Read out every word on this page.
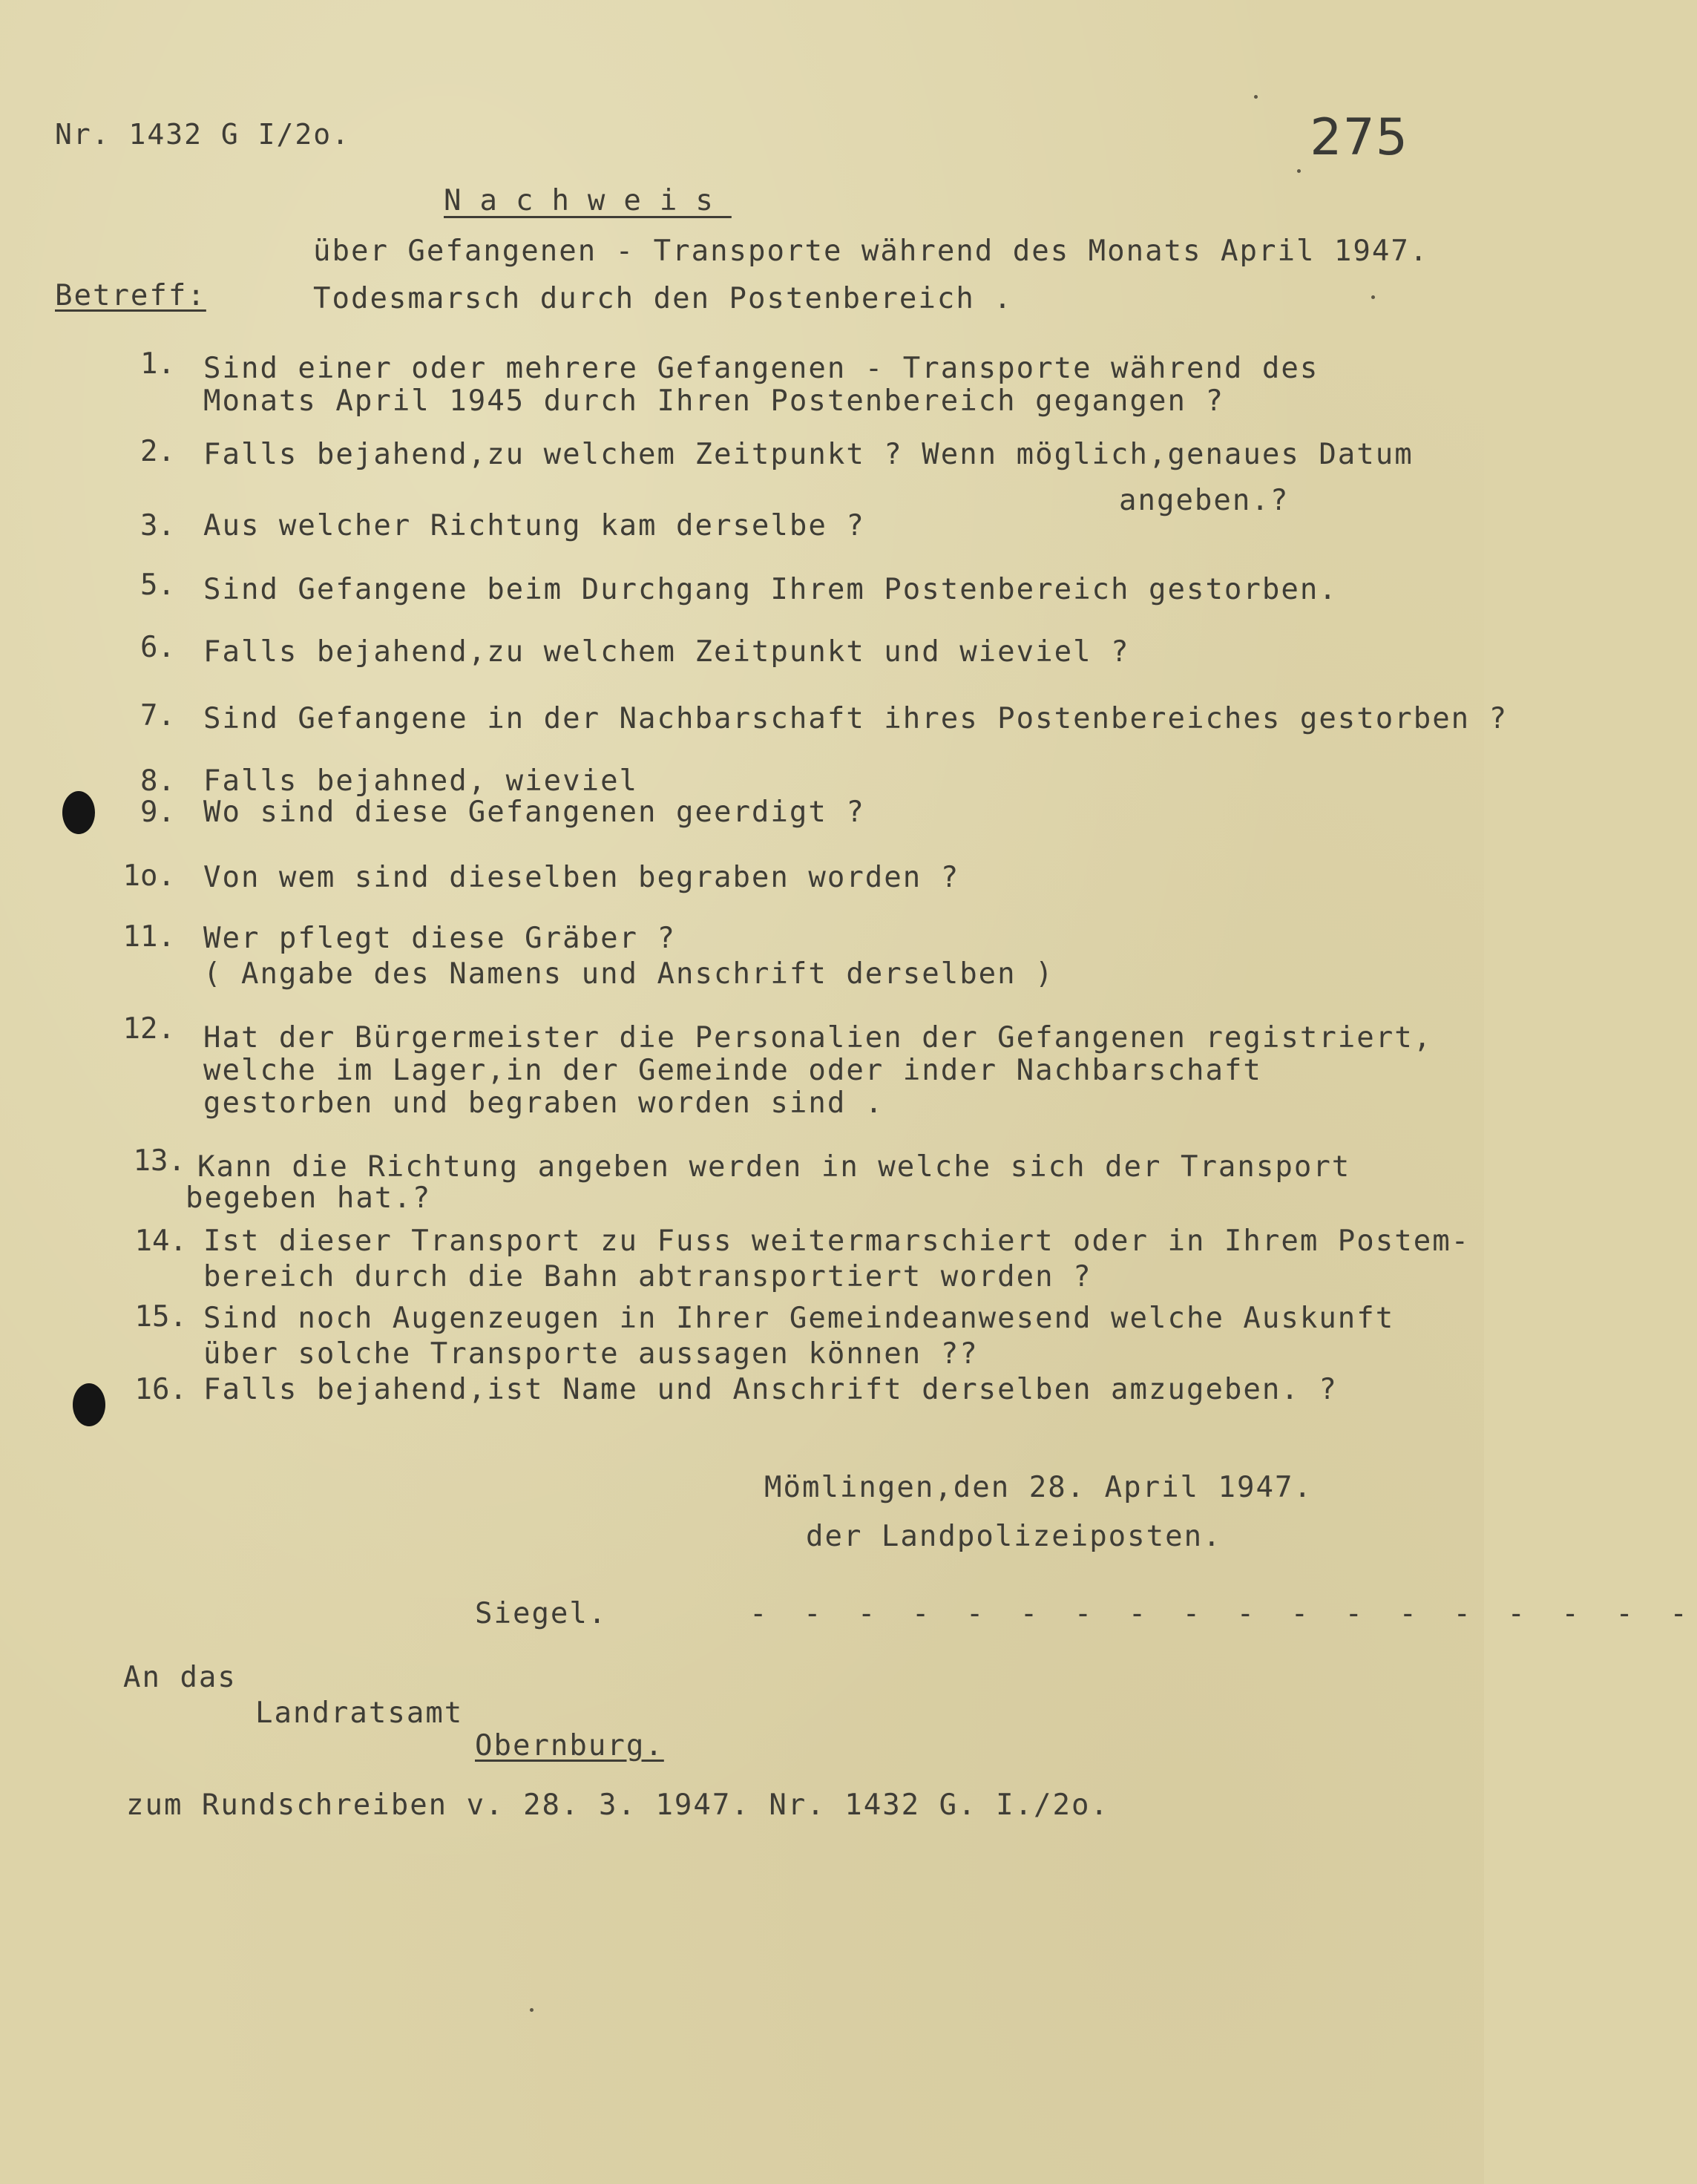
Nr. 1432 G I/2o.	275
Nachweis
über Gefangenen - Transporte während des Monats April 1947.
Betreff:	Todesmarsch durch den Postenbereich .
1. Sind einer oder mehrere Gefangenen - Transporte während des
Monats April 1945 durch Ihren Postenbereich gegangen ?
2. Falls bejahend,zu welchem Zeitpunkt ? Wenn möglich,genaues Datum
angeben.?
3. Aus welcher Richtung kam derselbe ?
5. Sind Gefangene beim Durchgang Ihrem Postenbereich gestorben.
6. Falls bejahend,zu welchem Zeitpunkt und wieviel ?
7. Sind Gefangene in der Nachbarschaft ihres Postenbereiches gestorben ?
8. Falls bejahned, wieviel
9. Wo sind diese Gefangenen geerdigt ?
1o. Von wem sind dieselben begraben worden ?
11. Wer pflegt diese Gräber ?
( Angabe des Namens und Anschrift derselben )
12. Hat der Bürgermeister die Personalien der Gefangenen registriert,
welche im Lager,in der Gemeinde oder inder Nachbarschaft
gestorben und begraben worden sind .
13. Kann die Richtung angeben werden in welche sich der Transport
begeben hat.?
14. Ist dieser Transport zu Fuss weitermarschiert oder in Ihrem Postem-
bereich durch die Bahn abtransportiert worden ?
15. Sind noch Augenzeugen in Ihrer Gemeindeanwesend welche Auskunft
über solche Transporte aussagen können ??
16. Falls bejahend,ist Name und Anschrift derselben amzugeben. ?
Mömlingen,den 28. April 1947.
der Landpolizeiposten.
Siegel.	- - - - - - - - - - - - - - - - - -
An das
Landratsamt
Obernburg.
zum Rundschreiben v. 28. 3. 1947. Nr. 1432 G. I./2o.
